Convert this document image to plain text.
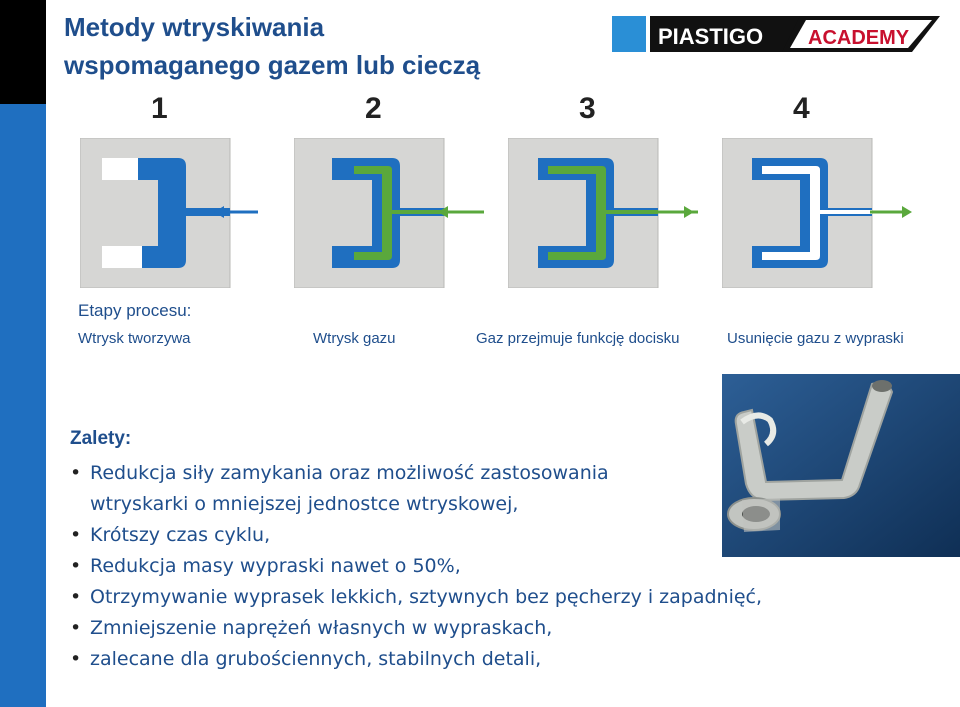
Metody wtryskiwania
wspomaganego gazem lub cieczą
PIASTIGO ACADEMY
1	2	3	4
Etapy procesu:
Wtrysk tworzywa	Wtrysk gazu	Gaz przejmuje funkcję docisku	Usunięcie gazu z wypraski
Zalety:
• Redukcja siły zamykania oraz możliwość zastosowania wtryskarki o mniejszej jednostce wtryskowej,
• Krótszy czas cyklu,
• Redukcja masy wypraski nawet o 50%,
• Otrzymywanie wyprasek lekkich, sztywnych bez pęcherzy i zapadnięć,
• Zmniejszenie naprężeń własnych w wypraskach,
• zalecane dla grubościennych, stabilnych detali,
